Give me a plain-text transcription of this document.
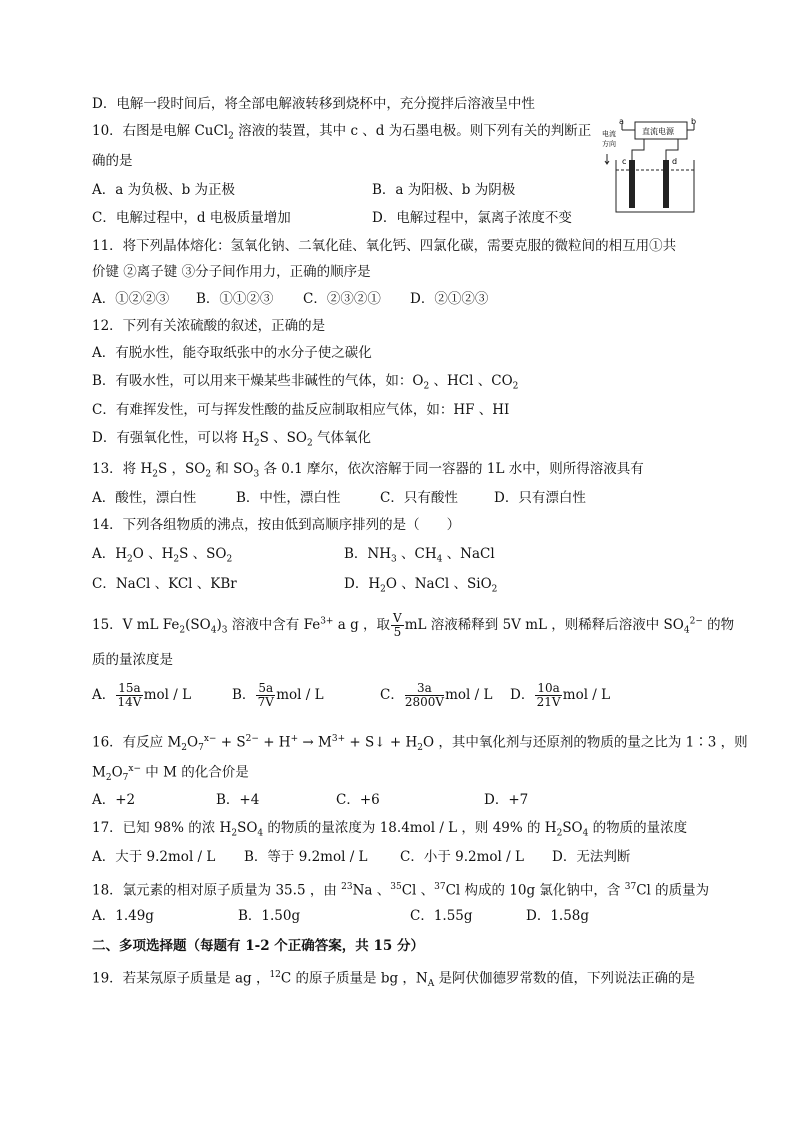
D．电解一段时间后，将全部电解液转移到烧杯中，充分搅拌后溶液呈中性
10．右图是电解 CuCl$_2$ 溶液的装置，其中 c 、d 为石墨电极。则下列有关的判断正
确的是
A．a 为负极、b 为正极	B．a 为阳极、b 为阴极
C．电解过程中，d 电极质量增加	D．电解过程中，氯离子浓度不变
直流电源
a	b
c	d
电流
方向
11．将下列晶体熔化：氢氧化钠、二氧化硅、氧化钙、四氯化碳，需要克服的微粒间的相互用①共
价键 ②离子键 ③分子间作用力，正确的顺序是
A．①②②③ B．①①②③ C．②③②① D．②①②③
12．下列有关浓硫酸的叙述，正确的是
A．有脱水性，能夺取纸张中的水分子使之碳化
B．有吸水性，可以用来干燥某些非碱性的气体，如：$O_2$ 、HCl 、$CO_2$
C．有难挥发性，可与挥发性酸的盐反应制取相应气体，如：HF 、HI
D．有强氧化性，可以将 $H_2S$ 、$SO_2$ 气体氧化
13．将 $H_2S$ ，$SO_2$ 和 $SO_3$ 各 0.1 摩尔，依次溶解于同一容器的 1L 水中，则所得溶液具有
A．酸性，漂白性	B．中性，漂白性	C．只有酸性	D．只有漂白性
14．下列各组物质的沸点，按由低到高顺序排列的是（　　）
A．$H_2O$ 、$H_2S$ 、$SO_2$	B．$NH_3$ 、$CH_4$ 、NaCl
C．NaCl 、KCl 、KBr	D．$H_2O$ 、NaCl 、SiO$_2$
15．V mL $Fe_2(SO_4)_3$ 溶液中含有 $Fe^{3+}$ a g ，取 $\frac{V}{5}$ mL 溶液稀释到 5V mL ，则稀释后溶液中 $SO_4^{2-}$ 的物
质的量浓度是
A． $\frac{15a}{14V}$ mol / L	B． $\frac{5a}{7V}$ mol / L	C． $\frac{3a}{2800V}$ mol / L D． $\frac{10a}{21V}$ mol / L
16．有反应 $M_2O_7^{x-} + S^{2-} + H^+ \to M^{3+}$ + S↓ + $H_2O$ ，其中氧化剂与还原剂的物质的量之比为 1∶3 ，则
$M_2O_7^{x-}$ 中 M 的化合价是
A．+2	B．+4	C．+6	D．+7
17．已知 98% 的浓 $H_2SO_4$ 的物质的量浓度为 18.4mol / L ，则 49% 的 $H_2SO_4$ 的物质的量浓度
A．大于 9.2mol / L B．等于 9.2mol / L C．小于 9.2mol / L D．无法判断
18．氯元素的相对原子质量为 35.5 ，由 $^{23}$Na 、$^{35}$Cl 、$^{37}$Cl 构成的 10g 氯化钠中，含 $^{37}$Cl 的质量为
A．1.49g	B．1.50g	C．1.55g	D．1.58g
二、多项选择题（每题有 1-2 个正确答案，共 15 分）
19．若某氖原子质量是 ag ，$^{12}$C 的原子质量是 bg ，$N_A$ 是阿伏伽德罗常数的值，下列说法正确的是
